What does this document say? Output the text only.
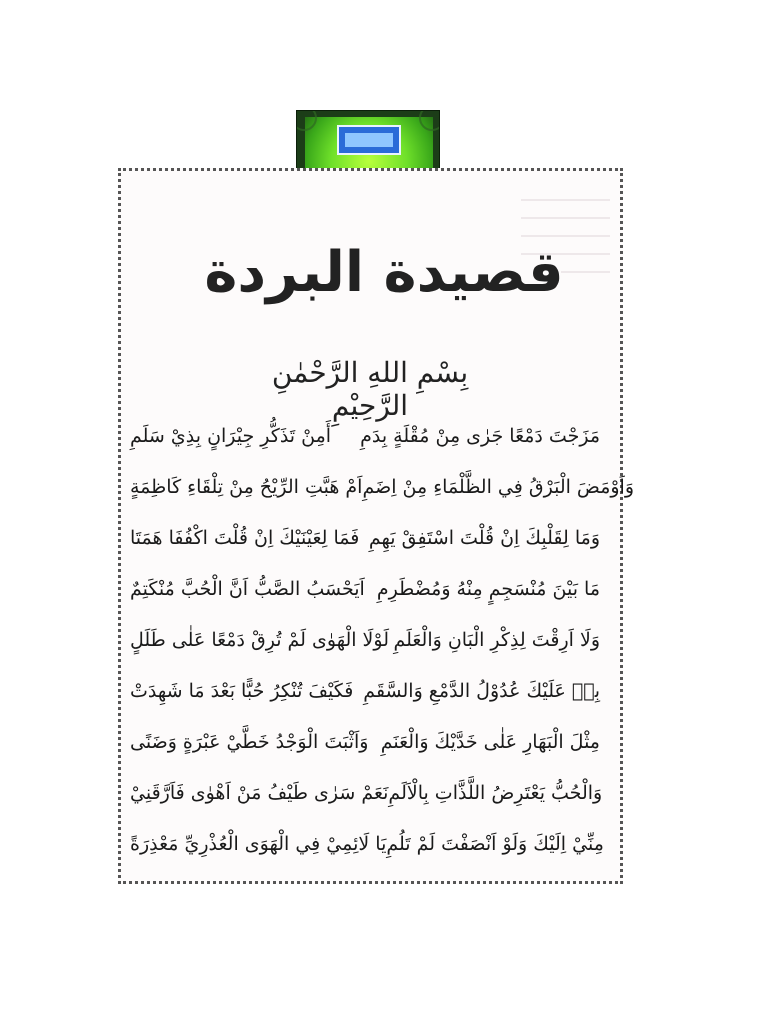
قصيدة البردة
بِسْمِ اللهِ الرَّحْمٰنِ الرَّحِيْمِ
أَمِنْ تَذَكُّرِ جِيْرَانٍ بِذِيْ سَلَمِ مَزَجْتَ دَمْعًا جَرٰى مِنْ مُقْلَةٍ بِدَمِ
اَمْ هَبَّتِ الرِّيْحُ مِنْ تِلْقَاءِ كَاظِمَةٍ وَاَوْمَضَ الْبَرْقُ فِي الظَّلْمَاءِ مِنْ اِضَمِ
فَمَا لِعَيْنَيْكَ اِنْ قُلْتَ اكْفُفَا هَمَتَا وَمَا لِقَلْبِكَ اِنْ قُلْتَ اسْتَفِقْ يَهِمِ
اَيَحْسَبُ الصَّبُّ اَنَّ الْحُبَّ مُنْكَتِمٌ مَا بَيْنَ مُنْسَجِمٍ مِنْهُ وَمُضْطَرِمِ
لَوْلَا الْهَوٰى لَمْ تُرِقْ دَمْعًا عَلٰى طَلَلٍ وَلَا اَرِقْتَ لِذِكْرِ الْبَانِ وَالْعَلَمِ
فَكَيْفَ تُنْكِرُ حُبًّا بَعْدَ مَا شَهِدَتْ بِهٖ عَلَيْكَ عُدُوْلُ الدَّمْعِ وَالسَّقَمِ
وَاَثْبَتَ الْوَجْدُ خَطَّيْ عَبْرَةٍ وَضَنًى مِثْلَ الْبَهَارِ عَلٰى خَدَّيْكَ وَالْعَنَمِ
نَعَمْ سَرٰى طَيْفُ مَنْ اَهْوٰى فَاَرَّقَنِيْ وَالْحُبُّ يَعْتَرِضُ اللَّذَّاتِ بِالْاَلَمِ
يَا لَائِمِيْ فِي الْهَوَى الْعُذْرِيِّ مَعْذِرَةً مِنِّيْ اِلَيْكَ وَلَوْ اَنْصَفْتَ لَمْ تَلُمِ
